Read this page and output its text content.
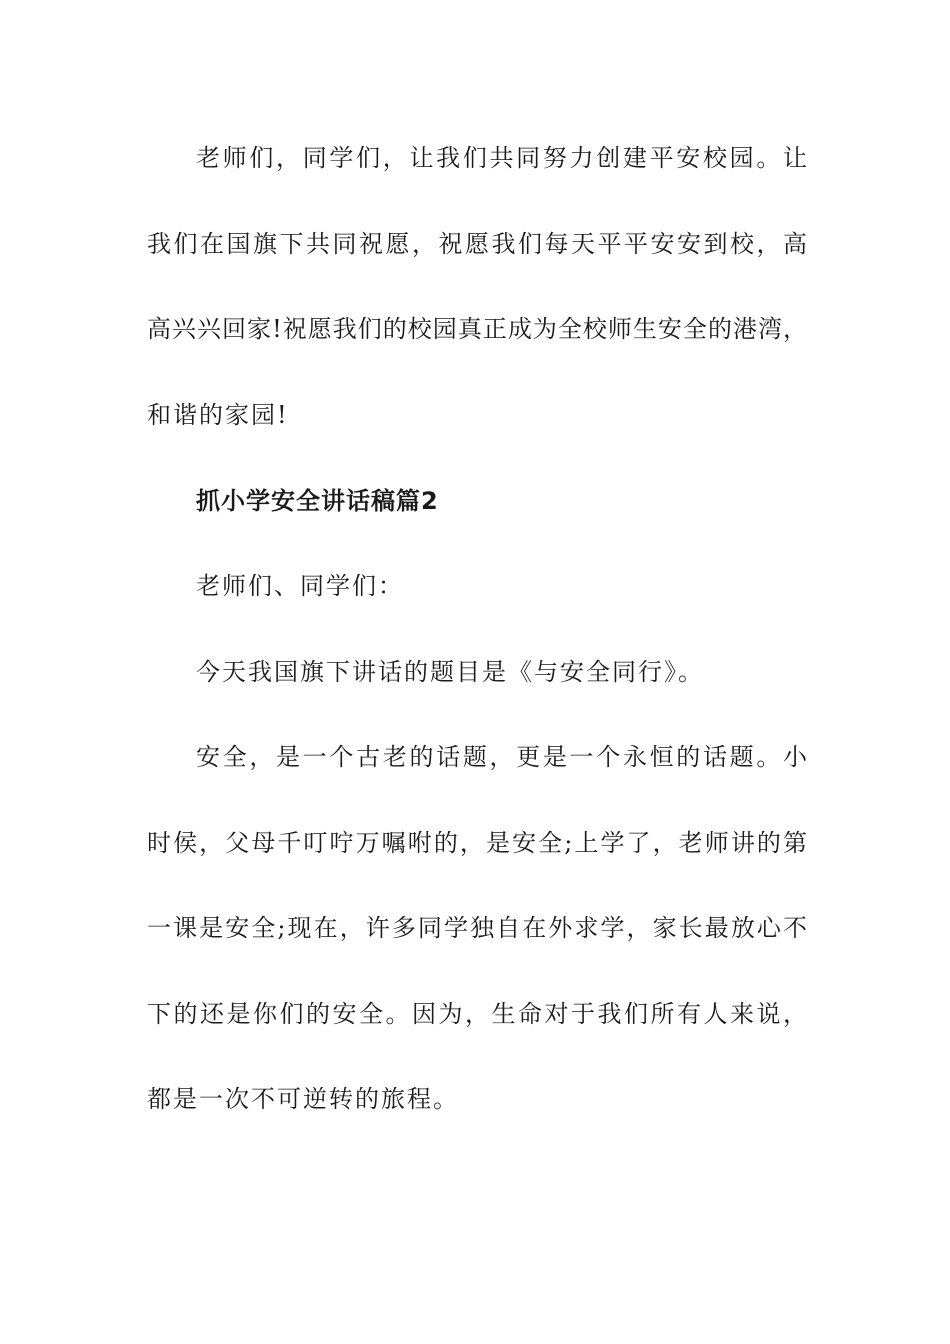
老师们，同学们，让我们共同努力创建平安校园。让
我们在国旗下共同祝愿，祝愿我们每天平平安安到校，高
高兴兴回家!祝愿我们的校园真正成为全校师生安全的港湾，
和谐的家园!
抓小学安全讲话稿篇2
老师们、同学们：
今天我国旗下讲话的题目是《与安全同行》。
安全，是一个古老的话题，更是一个永恒的话题。小
时侯，父母千叮咛万嘱咐的，是安全;上学了，老师讲的第
一课是安全;现在，许多同学独自在外求学，家长最放心不
下的还是你们的安全。因为，生命对于我们所有人来说，
都是一次不可逆转的旅程。
